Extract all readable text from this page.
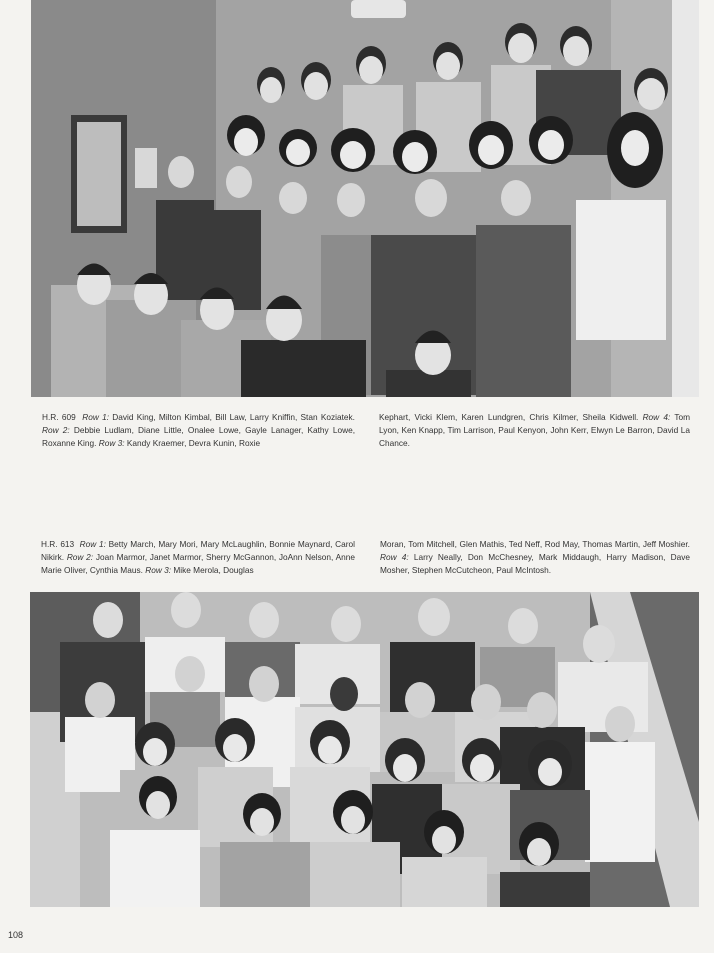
H.R. 609 Row 1: David King, Milton Kimbal, Bill Law, Larry Kniffin, Stan Koziatek. Row 2: Debbie Ludlam, Diane Little, Onalee Lowe, Gayle Lanager, Kathy Lowe, Roxanne King. Row 3: Kandy Kraemer, Devra Kunin, Roxie
Kephart, Vicki Klem, Karen Lundgren, Chris Kilmer, Sheila Kidwell. Row 4: Tom Lyon, Ken Knapp, Tim Larrison, Paul Kenyon, John Kerr, Elwyn Le Barron, David La Chance.
H.R. 613 Row 1: Betty March, Mary Mori, Mary McLaughlin, Bonnie Maynard, Carol Nikirk. Row 2: Joan Marmor, Janet Marmor, Sherry McGannon, JoAnn Nelson, Anne Marie Oliver, Cynthia Maus. Row 3: Mike Merola, Douglas
Moran, Tom Mitchell, Glen Mathis, Ted Neff, Rod May, Thomas Martin, Jeff Moshier. Row 4: Larry Neally, Don McChesney, Mark Middaugh, Harry Madison, Dave Mosher, Stephen McCutcheon, Paul McIntosh.
108
